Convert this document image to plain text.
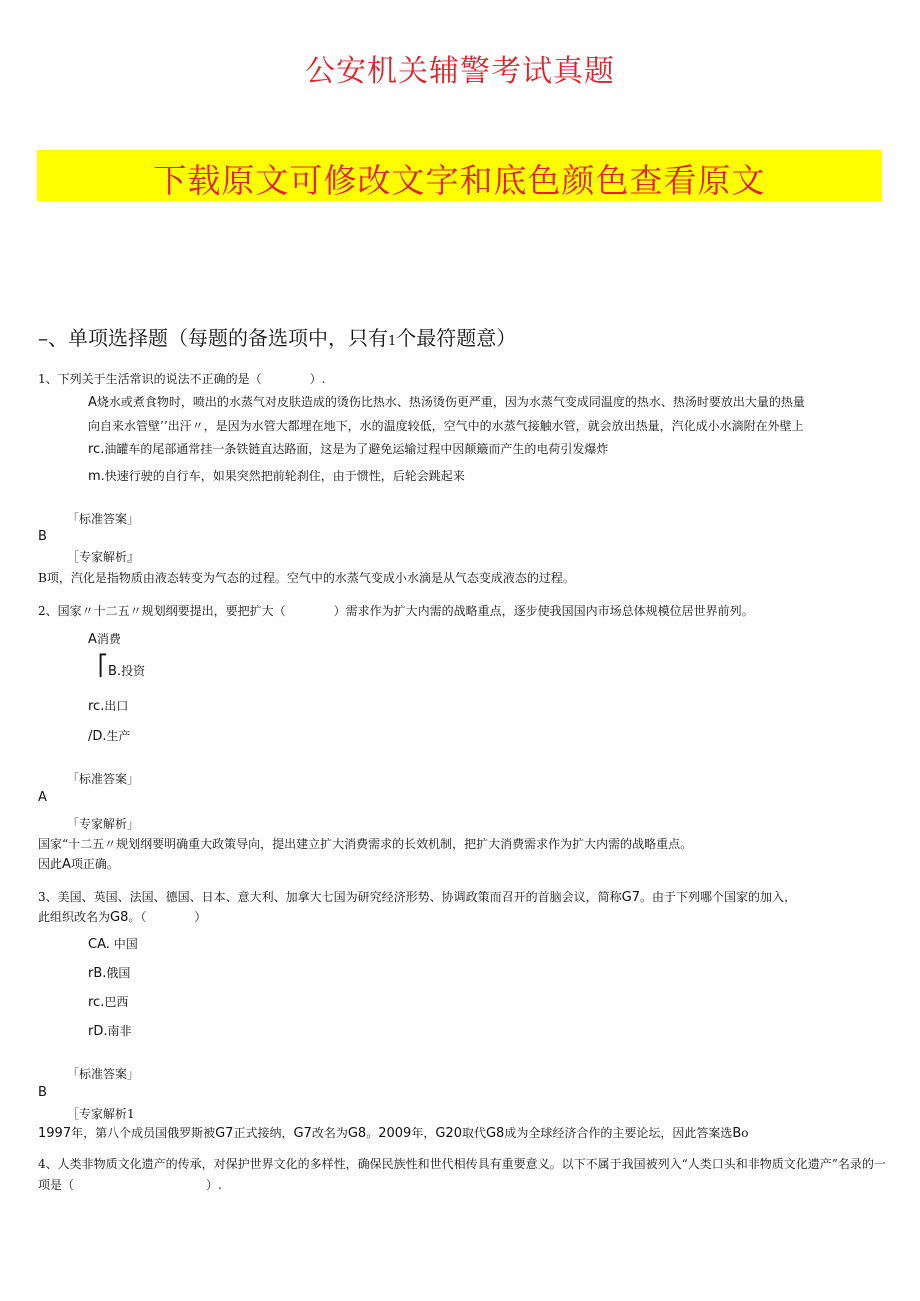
公安机关辅警考试真题
下载原文可修改文字和底色颜色查看原文
–、单项选择题（每题的备选项中，只有1个最符题意）
1、下列关于生活常识的说法不正确的是（　　　　）.
A烧水或煮食物时，喷出的水蒸气对皮肤造成的烫伤比热水、热汤烫伤更严重，因为水蒸气变成同温度的热水、热汤时要放出大量的热量
向自来水管壁’’出汗〃，是因为水管大都埋在地下，水的温度较低，空气中的水蒸气接触水管，就会放出热量，汽化成小水滴附在外壁上
rc.油罐车的尾部通常挂一条铁链直达路面，这是为了避免运输过程中因颠簸而产生的电荷引发爆炸
m.快速行驶的自行车，如果突然把前轮刹住，由于惯性，后轮会跳起来
「标准答案」
B
［专家解析』
B项，汽化是指物质由液态转变为气态的过程。空气中的水蒸气变成小水滴是从气态变成液态的过程。
2、国家〃十二五〃规划纲要提出，要把扩大（　　　　）需求作为扩大内需的战略重点，逐步使我国国内市场总体规模位居世界前列。
A消费
⎡ B.投资
rc.出口
/D.生产
「标准答案」
A
「专家解析」
国家“十二五〃规划纲要明确重大政策导向，提出建立扩大消费需求的长效机制，把扩大消费需求作为扩大内需的战略重点。
因此A项正确。
3、美国、英国、法国、德国、日本、意大利、加拿大七国为研究经济形势、协调政策而召开的首脑会议，简称G7。由于下列哪个国家的加入，
此组织改名为G8。（　　　　）
CA. 中国
rB.俄国
rc.巴西
rD.南非
「标准答案」
B
［专家解析1
1997年，第八个成员国俄罗斯被G7正式接纳，G7改名为G8。2009年，G20取代G8成为全球经济合作的主要论坛，因此答案选Bo
4、人类非物质文化遗产的传承，对保护世界文化的多样性，确保民族性和世代相传具有重要意义。以下不属于我国被列入“人类口头和非物质文化遗产”名录的一
项是（　　　　　　　　　　　）.
